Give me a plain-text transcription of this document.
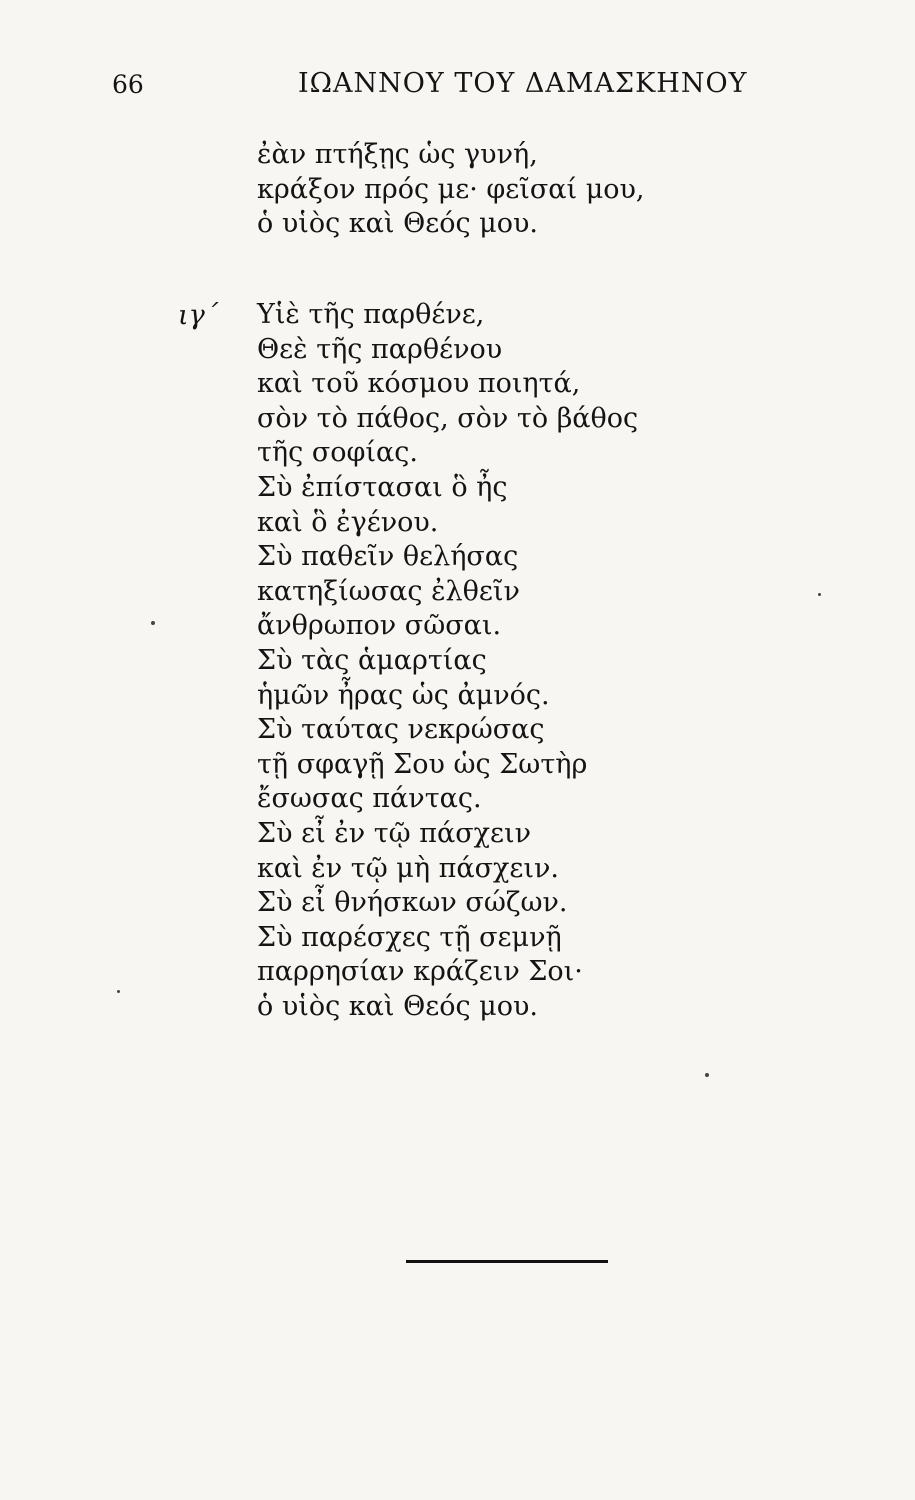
66	ΙΩΑΝΝΟΥ ΤΟΥ ΔΑΜΑΣΚΗΝΟΥ
ἐὰν πτήξῃς ὡς γυνή,
κράξον πρός με· φεῖσαί μου,
ὁ υἱὸς καὶ Θεός μου.
ιγ´ Υἱὲ τῆς παρθένε,
Θεὲ τῆς παρθένου
καὶ τοῦ κόσμου ποιητά,
σὸν τὸ πάθος, σὸν τὸ βάθος
τῆς σοφίας.
Σὺ ἐπίστασαι ὃ ἦς
καὶ ὃ ἐγένου.
Σὺ παθεῖν θελήσας
κατηξίωσας ἐλθεῖν
ἄνθρωπον σῶσαι.
Σὺ τὰς ἁμαρτίας
ἡμῶν ἦρας ὡς ἀμνός.
Σὺ ταύτας νεκρώσας
τῇ σφαγῇ Σου ὡς Σωτὴρ
ἔσωσας πάντας.
Σὺ εἶ ἐν τῷ πάσχειν
καὶ ἐν τῷ μὴ πάσχειν.
Σὺ εἶ θνήσκων σώζων.
Σὺ παρέσχες τῇ σεμνῇ
παρρησίαν κράζειν Σοι·
ὁ υἱὸς καὶ Θεός μου.
